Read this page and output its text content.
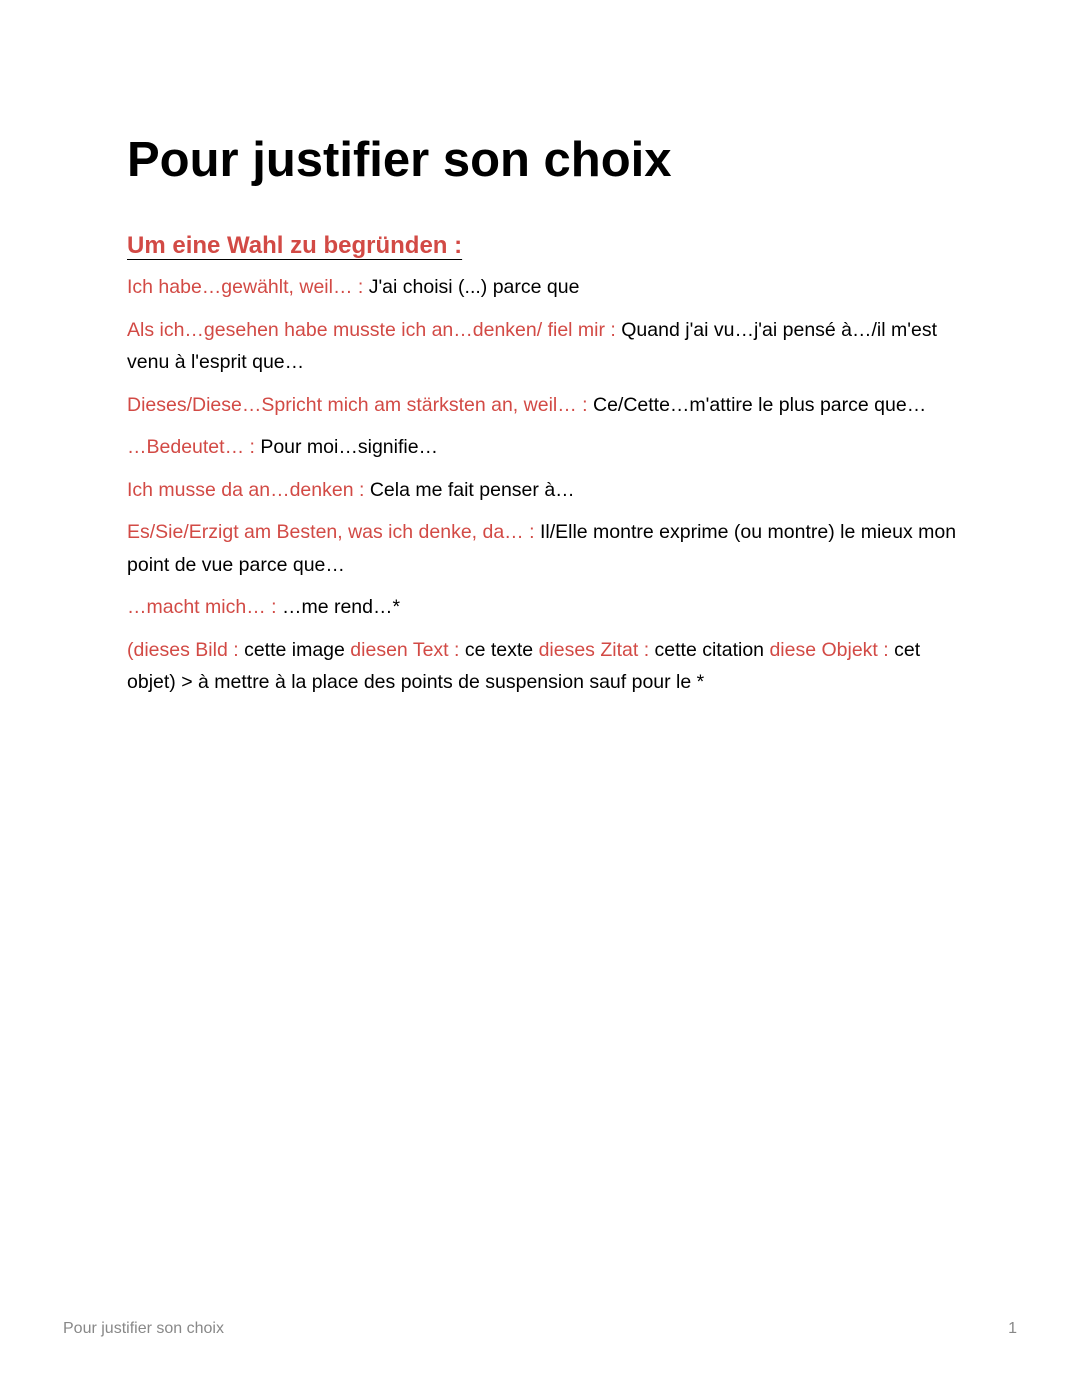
Pour justifier son choix
Um eine Wahl zu begründen :

Ich habe…gewählt, weil… : J'ai choisi (...) parce que

Als ich…gesehen habe musste ich an…denken/ fiel mir : Quand j'ai vu…j'ai pensé à…/il m'est venu à l'esprit que…

Dieses/Diese…Spricht mich am stärksten an, weil… : Ce/Cette…m'attire le plus parce que…

…Bedeutet… : Pour moi…signifie…

Ich musse da an…denken : Cela me fait penser à…

Es/Sie/Erzigt am Besten, was ich denke, da… : Il/Elle montre exprime (ou montre) le mieux mon point de vue parce que…

…macht mich… : …me rend…*

(dieses Bild : cette image diesen Text : ce texte dieses Zitat : cette citation diese Objekt : cet objet) > à mettre à la place des points de suspension sauf pour le *

Pour justifier son choix	1
